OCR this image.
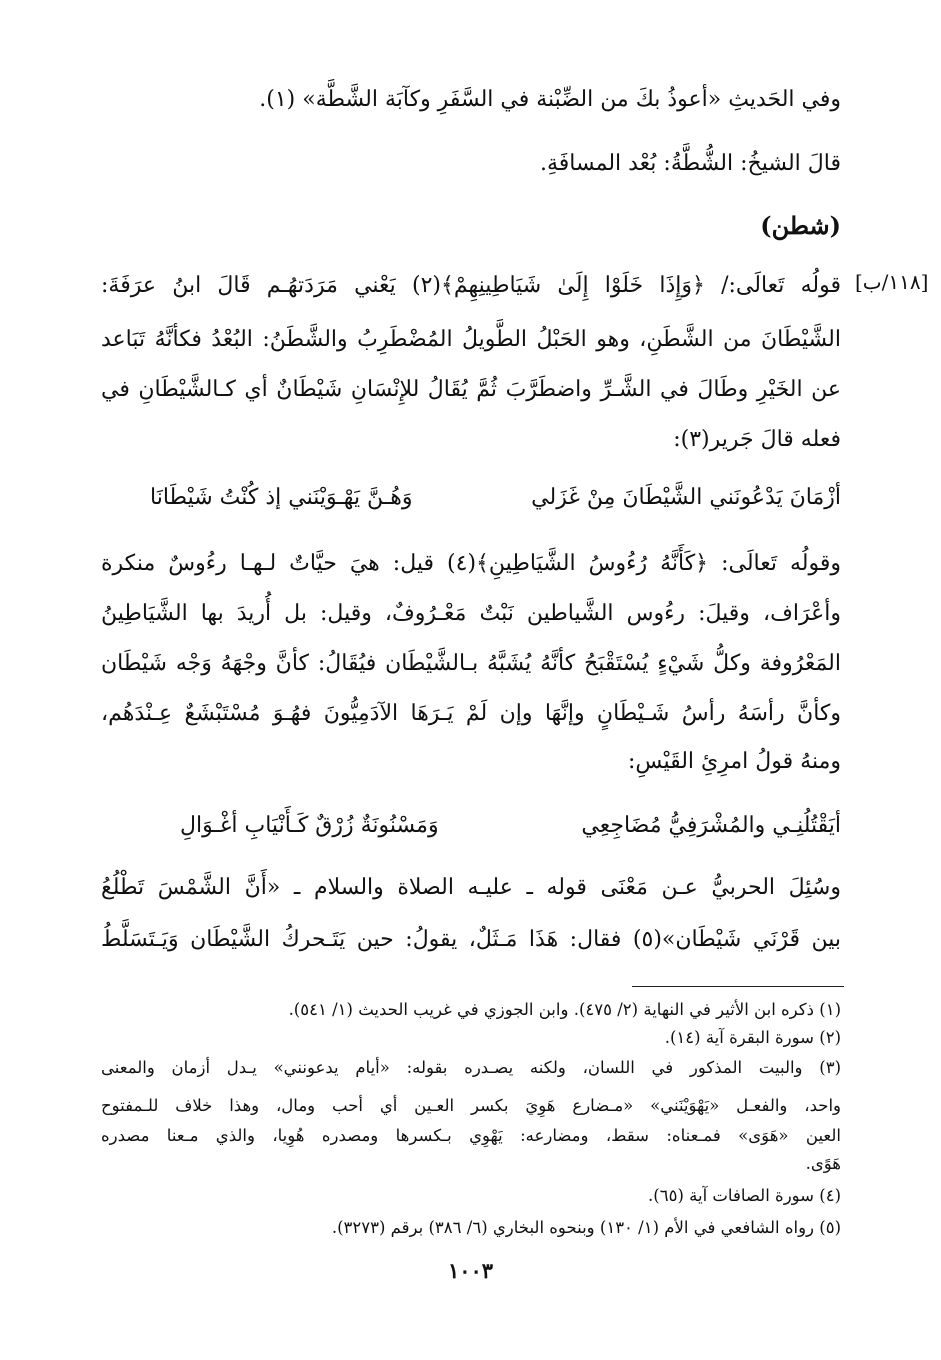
وفي الحَديثِ «أعوذُ بكَ من الضِّبْنة في السَّفَرِ وكآبَة الشَّطَّة» (١).
قالَ الشيخُ: الشُّطَّةُ: بُعْد المسافَةِ.
(شطن)
[١١٨/ب]
قولُه تَعالَى:/ ﴿وَإِذَا خَلَوْا إِلَىٰ شَيَاطِينِهِمْ﴾(٢) يَعْني مَرَدَتهُـم قَالَ ابنُ عرَفَةَ:
الشَّيْطَانَ من الشَّطَنِ، وهو الحَبْلُ الطَّويلُ المُضْطَرِبُ والشَّطَنُ: البُعْدُ فكأنَّهُ تَبَاعد
عن الخَيْرِ وطَالَ في الشَّـرِّ واضطَرَّبَ ثُمَّ يُقَالُ للإِنْسَانِ شَيْطَانٌ أي كـالشَّيْطَانِ في
فعله قالَ جَرير(٣):
أزْمَانَ يَدْعُونَني الشَّيْطَانَ مِنْ غَزَلي
وَهُـنَّ يَهْـوَيْنَني إذ كُنْتُ شَيْطَانَا
وقولُه تَعالَى: ﴿كَأَنَّهُ رُءُوسُ الشَّيَاطِينِ﴾(٤) قيل: هيَ حيَّاتٌ لـهـا رءُوسٌ منكرة
وأعْرَاف، وقيلَ: رءُوس الشَّياطين نَبْتٌ مَعْـرُوفٌ، وقيل: بل أُريدَ بها الشَّيَاطِينُ
المَعْرُوفة وكلُّ شَيْءٍ يُسْتَقْبَحُ كأنَّهُ يُشَبَّهُ بـالشَّيْطَان فيُقَالُ: كأنَّ وجْهَهُ وَجْه شَيْطَان
وكأنَّ رأسَهُ رأسُ شَـيْطَانٍ وإنَّهَا وإن لَمْ يَـرَهَا الآدَمِيُّونَ فهُـوَ مُسْتَبْشَعٌ عِـنْدَهُم،
ومنهُ قولُ امرِئِ القَيْسِ:
أيَقْتُلُنِـي والمُشْرَفِيُّ مُضَاجِعِي
وَمَسْنُونَةٌ زُرْقٌ كَـأَنْيَابِ أغْـوَالِ
وسُئِلَ الحربيُّ عـن مَعْنَى قوله ـ عليـه الصلاة والسلام ـ «أَنَّ الشَّمْسَ تَطْلُعُ
بين قَرْنَي شَيْطَان»(٥) فقال: هَذَا مَـثَلٌ، يقولُ: حين يَتَـحركُ الشَّيْطَان وَيَـتَسَلَّطُ
(١) ذكره ابن الأثير في النهاية (٢/ ٤٧٥). وابن الجوزي في غريب الحديث (١/ ٥٤١).
(٢) سورة البقرة آية (١٤).
(٣) والبيت المذكور في اللسان، ولكنه يصـدره بقوله: «أيام يدعونني» يـدل أزمان والمعنى
واحد، والفعـل «يَهْوَيْنَني» «مـضارع هَوِيَ بكسر العـين أي أحب ومال، وهذا خلاف للـمفتوح
العين «هَوَى» فمـعناه: سقط، ومضارعه: يَهْوِي بـكسرها ومصدره هُوِيا، والذي مـعنا مصدره
هَوًى.
(٤) سورة الصافات آية (٦٥).
(٥) رواه الشافعي في الأم (١/ ١٣٠) وبنحوه البخاري (٦/ ٣٨٦) برقم (٣٢٧٣).
١٠٠٣
